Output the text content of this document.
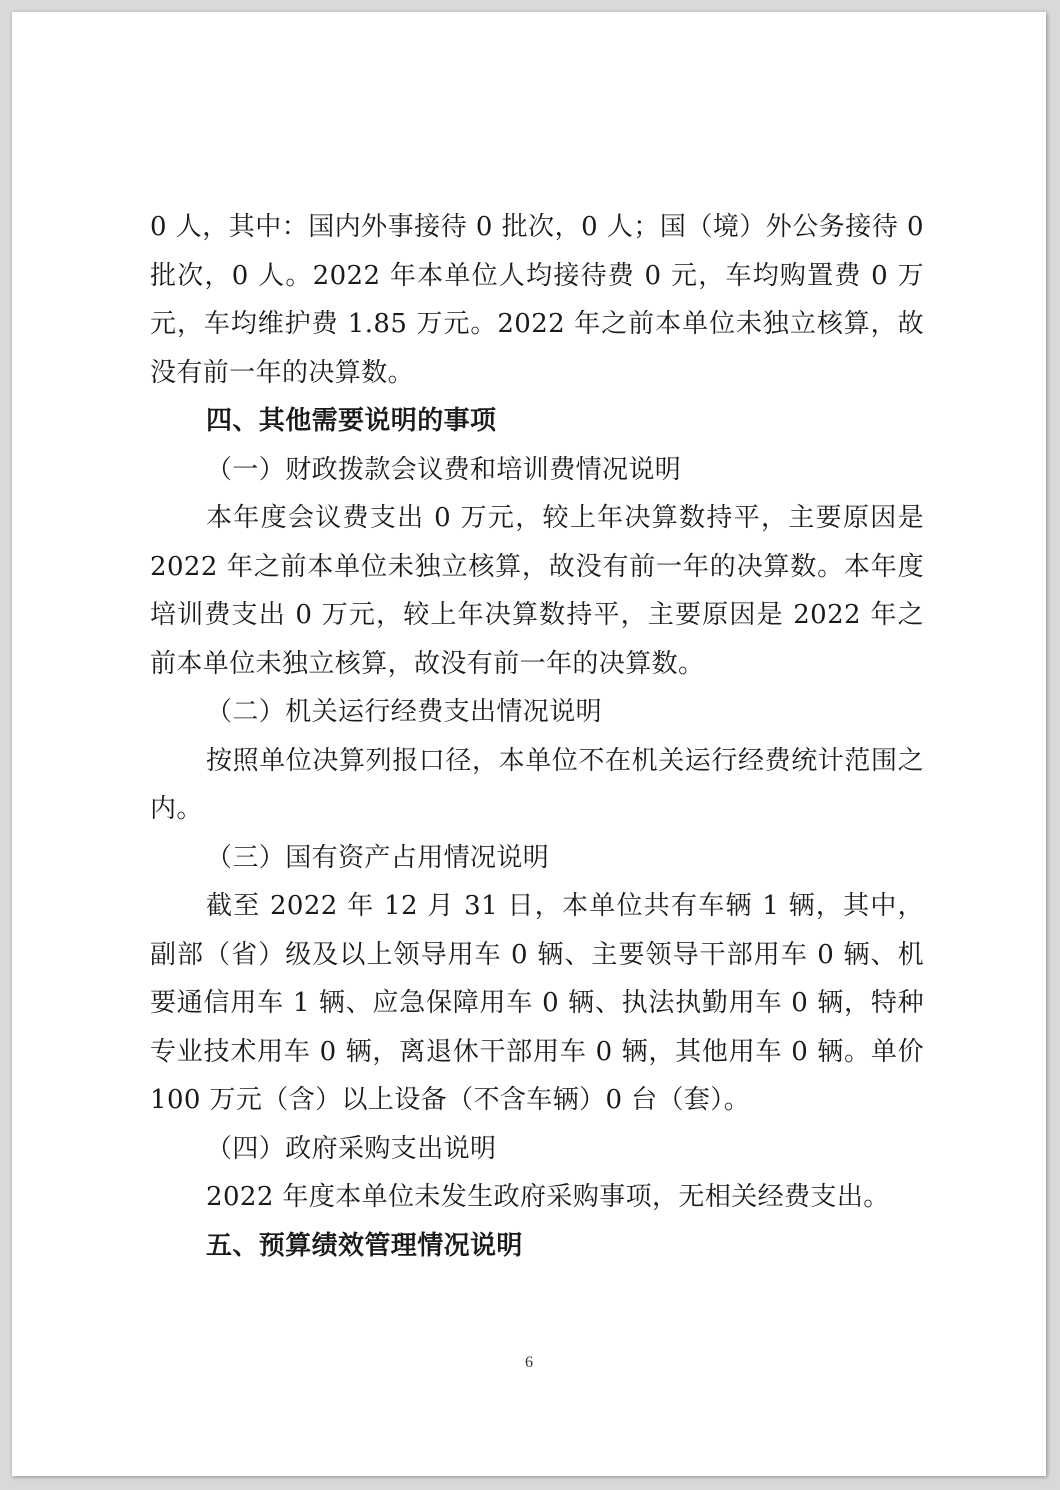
0 人，其中：国内外事接待 0 批次，0 人；国（境）外公务接待 0 批次，0 人。2022 年本单位人均接待费 0 元，车均购置费 0 万元，车均维护费 1.85 万元。2022 年之前本单位未独立核算，故没有前一年的决算数。

四、其他需要说明的事项

（一）财政拨款会议费和培训费情况说明

本年度会议费支出 0 万元，较上年决算数持平，主要原因是 2022 年之前本单位未独立核算，故没有前一年的决算数。本年度培训费支出 0 万元，较上年决算数持平，主要原因是 2022 年之前本单位未独立核算，故没有前一年的决算数。

（二）机关运行经费支出情况说明

按照单位决算列报口径，本单位不在机关运行经费统计范围之内。

（三）国有资产占用情况说明

截至 2022 年 12 月 31 日，本单位共有车辆 1 辆，其中，副部（省）级及以上领导用车 0 辆、主要领导干部用车 0 辆、机要通信用车 1 辆、应急保障用车 0 辆、执法执勤用车 0 辆，特种专业技术用车 0 辆，离退休干部用车 0 辆，其他用车 0 辆。单价 100 万元（含）以上设备（不含车辆）0 台（套）。

（四）政府采购支出说明

2022 年度本单位未发生政府采购事项，无相关经费支出。

五、预算绩效管理情况说明

6
